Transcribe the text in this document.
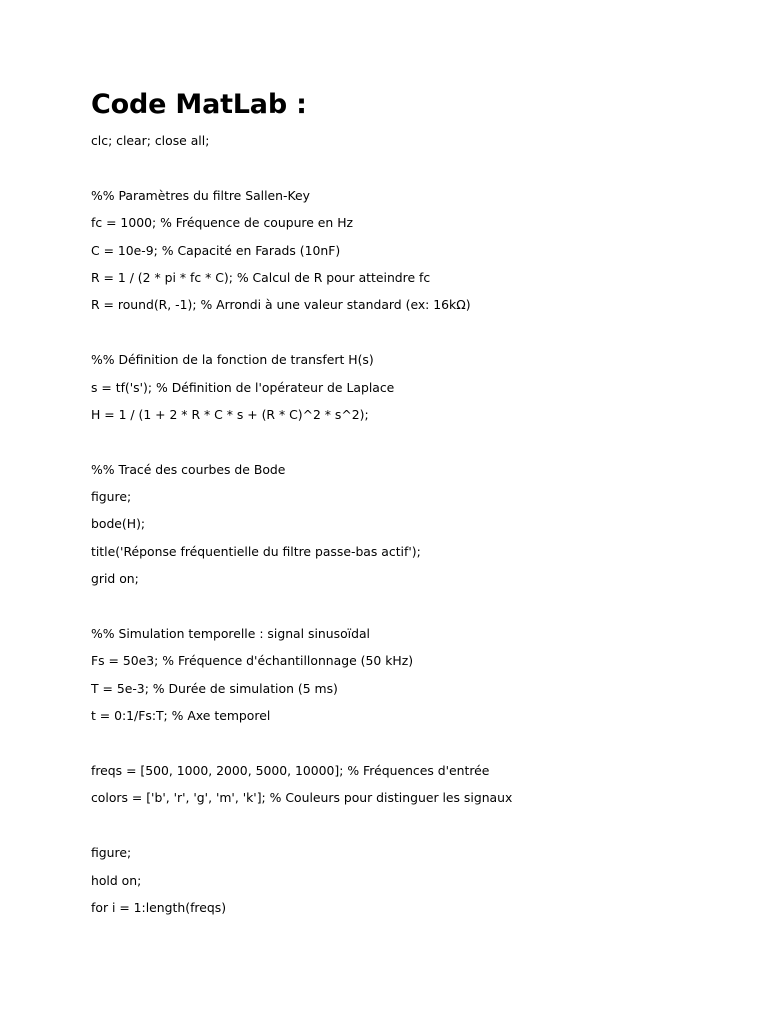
Code MatLab :
clc; clear; close all;
%% Paramètres du filtre Sallen-Key
fc = 1000; % Fréquence de coupure en Hz
C = 10e-9; % Capacité en Farads (10nF)
R = 1 / (2 * pi * fc * C); % Calcul de R pour atteindre fc
R = round(R, -1); % Arrondi à une valeur standard (ex: 16kΩ)
%% Définition de la fonction de transfert H(s)
s = tf('s'); % Définition de l'opérateur de Laplace
H = 1 / (1 + 2 * R * C * s + (R * C)^2 * s^2);
%% Tracé des courbes de Bode
figure;
bode(H);
title('Réponse fréquentielle du filtre passe-bas actif');
grid on;
%% Simulation temporelle : signal sinusoïdal
Fs = 50e3; % Fréquence d'échantillonnage (50 kHz)
T = 5e-3; % Durée de simulation (5 ms)
t = 0:1/Fs:T; % Axe temporel
freqs = [500, 1000, 2000, 5000, 10000]; % Fréquences d'entrée
colors = ['b', 'r', 'g', 'm', 'k']; % Couleurs pour distinguer les signaux
figure;
hold on;
for i = 1:length(freqs)
